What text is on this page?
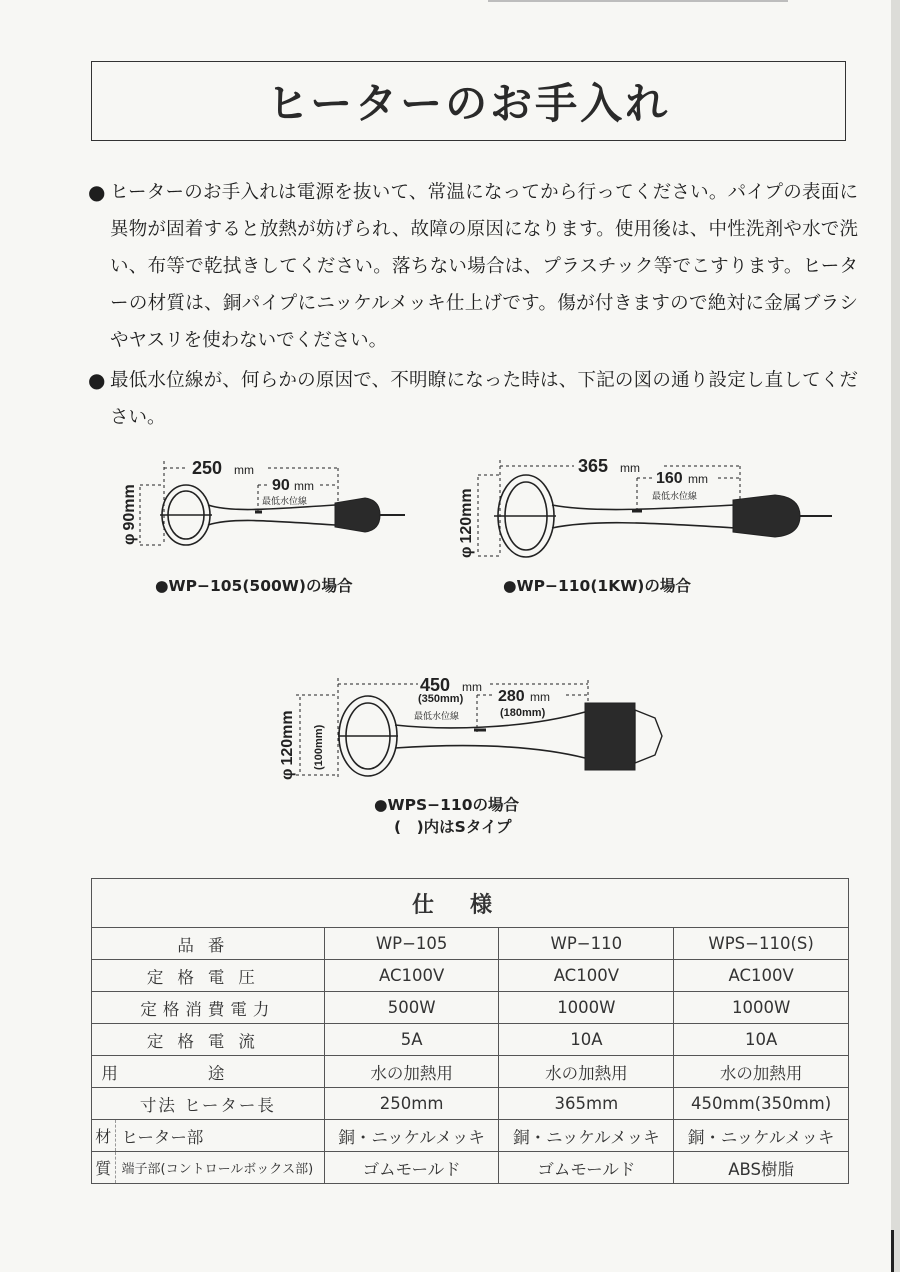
ヒーターのお手入れ
● ヒーターのお手入れは電源を抜いて、常温になってから行ってください。パイプの表面に異物が固着すると放熱が妨げられ、故障の原因になります。使用後は、中性洗剤や水で洗い、布等で乾拭きしてください。落ちない場合は、プラスチック等でこすります。ヒーターの材質は、銅パイプにニッケルメッキ仕上げです。傷が付きますので絶対に金属ブラシやヤスリを使わないでください。
● 最低水位線が、何らかの原因で、不明瞭になった時は、下記の図の通り設定し直してください。
250 mm
90 mm
最低水位線
φ90mm
365 mm
160 mm
最低水位線
φ120mm
450 mm
(350mm) 280 mm
(180mm)
最低水位線
φ120mm (100mm)
●WP−105(500W)の場合	●WP−110(1KW)の場合
●WPS−110の場合
(　)内はSタイプ
仕様				
品番		WP−105	WP−110	WPS−110(S)
定格電圧		AC100V	AC100V	AC100V
定格消費電力		500W	1000W	1000W
定格電流		5A	10A	10A
用途		水の加熱用	水の加熱用	水の加熱用
寸法 ヒーター長		250mm	365mm	450mm(350mm)
材	ヒーター部	銅・ニッケルメッキ	銅・ニッケルメッキ	銅・ニッケルメッキ
質	端子部(コントロールボックス部)	ゴムモールド	ゴムモールド	ABS樹脂
